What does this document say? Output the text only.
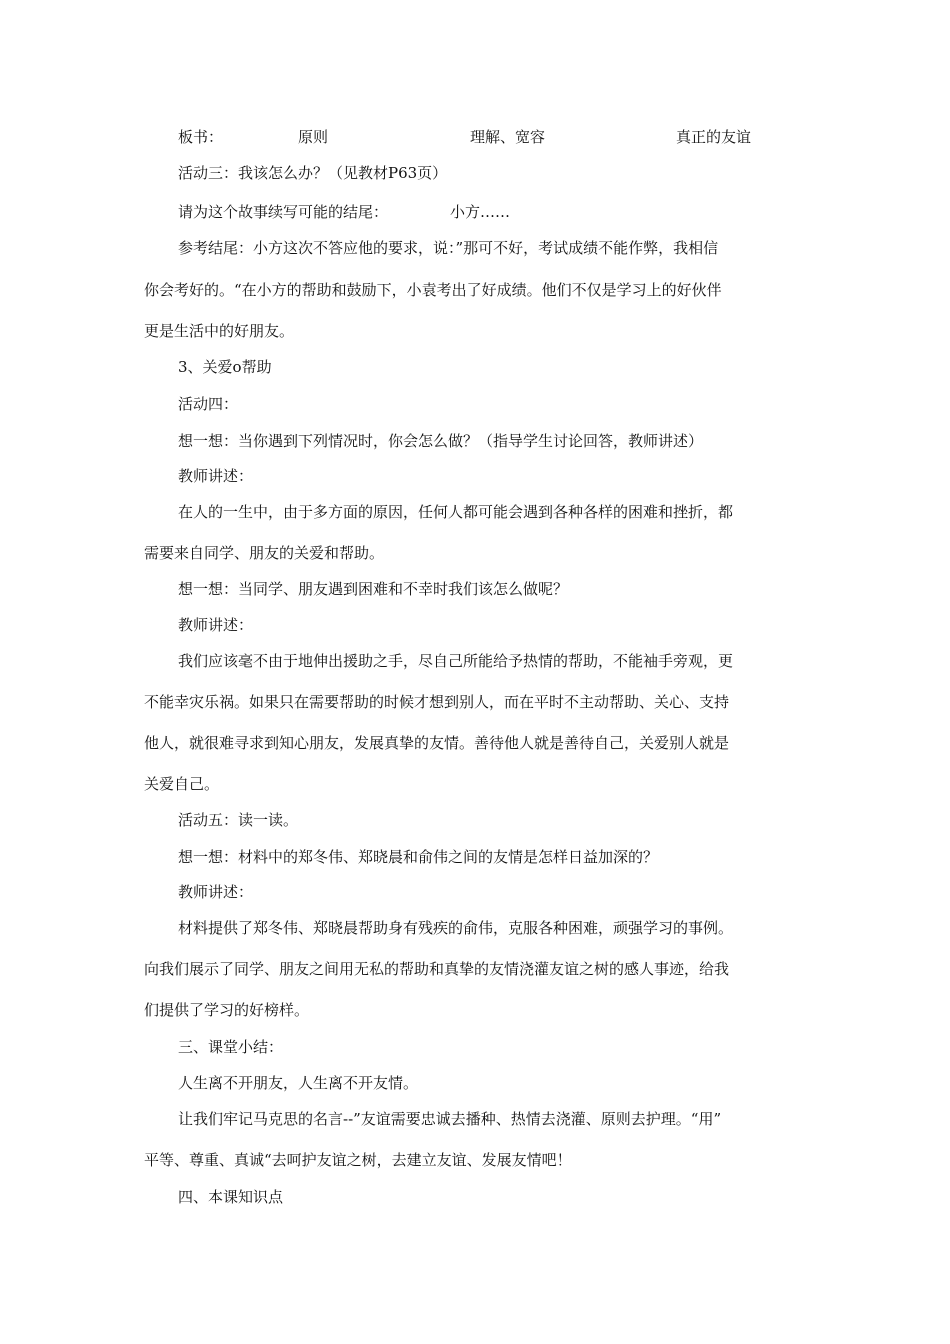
板书：	原则	理解、宽容	真正的友谊
活动三：我该怎么办？（见教材P63页）
请为这个故事续写可能的结尾：	小方……
参考结尾：小方这次不答应他的要求，说：”那可不好，考试成绩不能作弊，我相信
你会考好的。“在小方的帮助和鼓励下，小袁考出了好成绩。他们不仅是学习上的好伙伴
更是生活中的好朋友。
3、关爱o帮助
活动四：
想一想：当你遇到下列情况时，你会怎么做？（指导学生讨论回答，教师讲述）
教师讲述：
在人的一生中，由于多方面的原因，任何人都可能会遇到各种各样的困难和挫折，都
需要来自同学、朋友的关爱和帮助。
想一想：当同学、朋友遇到困难和不幸时我们该怎么做呢？
教师讲述：
我们应该毫不由于地伸出援助之手，尽自己所能给予热情的帮助，不能袖手旁观，更
不能幸灾乐祸。如果只在需要帮助的时候才想到别人，而在平时不主动帮助、关心、支持
他人，就很难寻求到知心朋友，发展真挚的友情。善待他人就是善待自己，关爱别人就是
关爱自己。
活动五：读一读。
想一想：材料中的郑冬伟、郑晓晨和俞伟之间的友情是怎样日益加深的？
教师讲述：
材料提供了郑冬伟、郑晓晨帮助身有残疾的俞伟，克服各种困难，顽强学习的事例。
向我们展示了同学、朋友之间用无私的帮助和真挚的友情浇灌友谊之树的感人事迹，给我
们提供了学习的好榜样。
三、课堂小结：
人生离不开朋友，人生离不开友情。
让我们牢记马克思的名言--”友谊需要忠诚去播种、热情去浇灌、原则去护理。“用”
平等、尊重、真诚“去呵护友谊之树，去建立友谊、发展友情吧！
四、本课知识点
